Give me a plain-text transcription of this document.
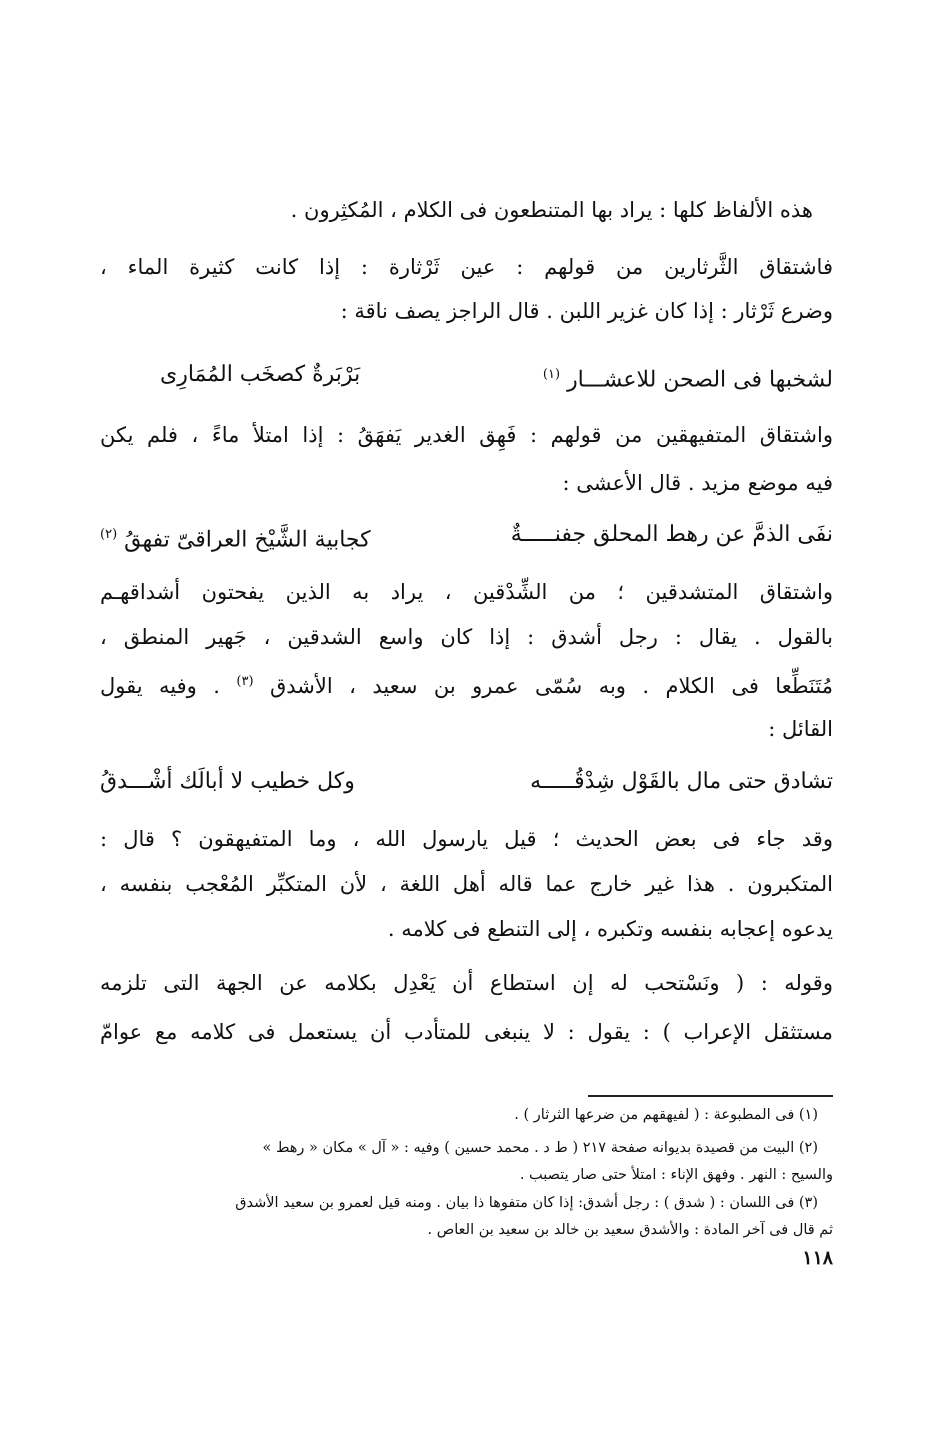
هذه الألفاظ كلها : يراد بها المتنطعون فى الكلام ، المُكثِرون .
فاشتقاق الثَّرثارين من قولهم : عين ثَرْثارة : إذا كانت كثيرة الماء ،
وضرع ثَرْثار : إذا كان غزير اللبن . قال الراجز يصف ناقة :
لشخبها فى الصحن للاعشـــار $^{(١)}$
بَرْبَرةٌ كصخَب المُمَارِى
واشتقاق المتفيهقين من قولهم : فَهِق الغدير يَفهَقُ : إذا امتلأ ماءً ، فلم يكن
فيه موضع مزيد . قال الأعشى :
نفَى الذمَّ عن رهط المحلق جفنـــــةٌ
كجابية الشَّيْخ العراقىّ تفهقُ $^{(٢)}$
واشتقاق المتشدقين ؛ من الشِّدْقين ، يراد به الذين يفحتون أشداقهـم
بالقول . يقال : رجل أشدق : إذا كان واسع الشدقين ، جَهير المنطق ،
مُتَنَطِّعا فى الكلام . وبه سُمّى عمرو بن سعيد ، الأشدق $^{(٣)}$ . وفيه يقول
القائل :
تشادق حتى مال بالقَوْل شِدْقُـــــه
وكل خطيب لا أبالَك أشْـــدقُ
وقد جاء فى بعض الحديث ؛ قيل يارسول الله ، وما المتفيهقون ؟ قال :
المتكبرون . هذا غير خارج عما قاله أهل اللغة ، لأن المتكبِّر المُعْجب بنفسه ،
يدعوه إعجابه بنفسه وتكبره ، إلى التنطع فى كلامه .
وقوله : ( ونَسْتحب له إن استطاع أن يَعْدِل بكلامه عن الجهة التى تلزمه
مستثقل الإعراب ) : يقول : لا ينبغى للمتأدب أن يستعمل فى كلامه مع عوامّ
(١) فى المطبوعة : ( لفيهقهم من ضرعها الثرثار ) .
(٢) البيت من قصيدة بديوانه صفحة ٢١٧ ( ط د . محمد حسين ) وفيه : « آل » مكان « رهط »
والسيح : النهر . وفهق الإناء : امتلأ حتى صار يتصبب .
(٣) فى اللسان : ( شدق ) : رجل أشدق: إذا كان متفوها ذا بيان . ومنه قيل لعمرو بن سعيد الأشدق
ثم قال فى آخر المادة : والأشدق سعيد بن خالد بن سعيد بن العاص .
١١٨
